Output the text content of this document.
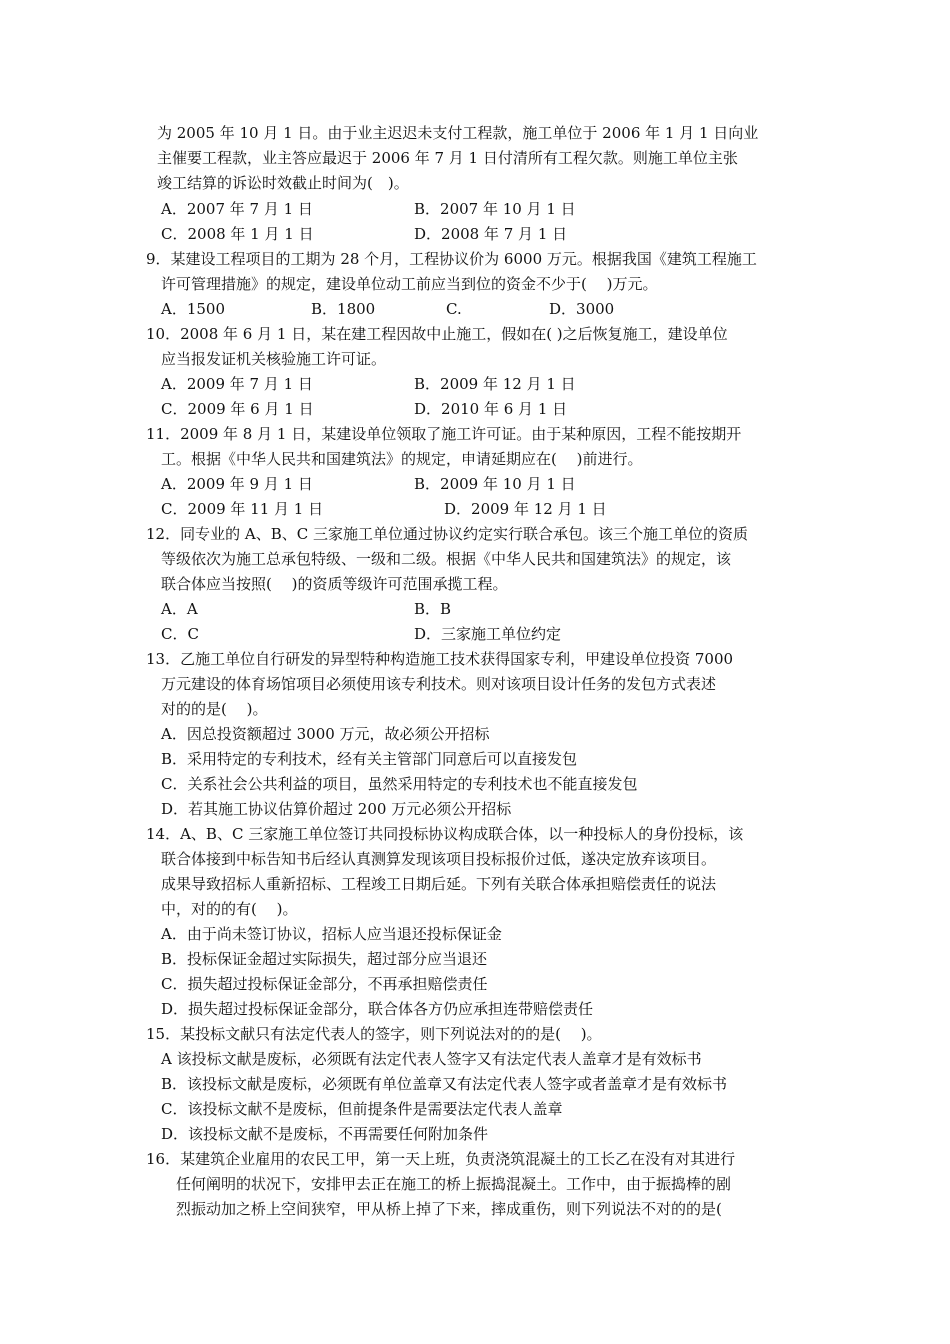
为 2005 年 10 月 1 日。由于业主迟迟未支付工程款，施工单位于 2006 年 1 月 1 日向业
主催要工程款，业主答应最迟于 2006 年 7 月 1 日付清所有工程欠款。则施工单位主张
竣工结算的诉讼时效截止时间为(　)。
A．2007 年 7 月 1 日	B．2007 年 10 月 1 日
C．2008 年 1 月 1 日	D．2008 年 7 月 1 日
9．某建设工程项目的工期为 28 个月，工程协议价为 6000 万元。根据我国《建筑工程施工
许可管理措施》的规定，建设单位动工前应当到位的资金不少于(　 )万元。
A．1500	B．1800	C.	D．3000
10．2008 年 6 月 1 日，某在建工程因故中止施工，假如在( )之后恢复施工，建设单位
应当报发证机关核验施工许可证。
A．2009 年 7 月 1 日	B．2009 年 12 月 1 日
C．2009 年 6 月 1 日	D．2010 年 6 月 1 日
11．2009 年 8 月 1 日，某建设单位领取了施工许可证。由于某种原因，工程不能按期开
工。根据《中华人民共和国建筑法》的规定，申请延期应在(　 )前进行。
A．2009 年 9 月 1 日	B．2009 年 10 月 1 日
C．2009 年 11 月 1 日	D．2009 年 12 月 1 日
12．同专业的 A、B、C 三家施工单位通过协议约定实行联合承包。该三个施工单位的资质
等级依次为施工总承包特级、一级和二级。根据《中华人民共和国建筑法》的规定，该
联合体应当按照(　 )的资质等级许可范围承揽工程。
A．A	B．B
C．C	D．三家施工单位约定
13．乙施工单位自行研发的异型特种构造施工技术获得国家专利，甲建设单位投资 7000
万元建设的体育场馆项目必须使用该专利技术。则对该项目设计任务的发包方式表述
对的的是(　 )。
A．因总投资额超过 3000 万元，故必须公开招标
B．采用特定的专利技术，经有关主管部门同意后可以直接发包
C．关系社会公共利益的项目，虽然采用特定的专利技术也不能直接发包
D．若其施工协议估算价超过 200 万元必须公开招标
14．A、B、C 三家施工单位签订共同投标协议构成联合体，以一种投标人的身份投标，该
联合体接到中标告知书后经认真测算发现该项目投标报价过低，遂决定放弃该项目。
成果导致招标人重新招标、工程竣工日期后延。下列有关联合体承担赔偿责任的说法
中，对的的有(　 )。
A．由于尚未签订协议，招标人应当退还投标保证金
B．投标保证金超过实际损失，超过部分应当退还
C．损失超过投标保证金部分，不再承担赔偿责任
D．损失超过投标保证金部分，联合体各方仍应承担连带赔偿责任
15．某投标文献只有法定代表人的签字，则下列说法对的的是(　 )。
A 该投标文献是废标，必须既有法定代表人签字又有法定代表人盖章才是有效标书
B．该投标文献是废标，必须既有单位盖章又有法定代表人签字或者盖章才是有效标书
C．该投标文献不是废标，但前提条件是需要法定代表人盖章
D．该投标文献不是废标，不再需要任何附加条件
16．某建筑企业雇用的农民工甲，第一天上班，负责浇筑混凝土的工长乙在没有对其进行
任何阐明的状况下，安排甲去正在施工的桥上振捣混凝土。工作中，由于振捣棒的剧
烈振动加之桥上空间狭窄，甲从桥上掉了下来，摔成重伤，则下列说法不对的的是(
